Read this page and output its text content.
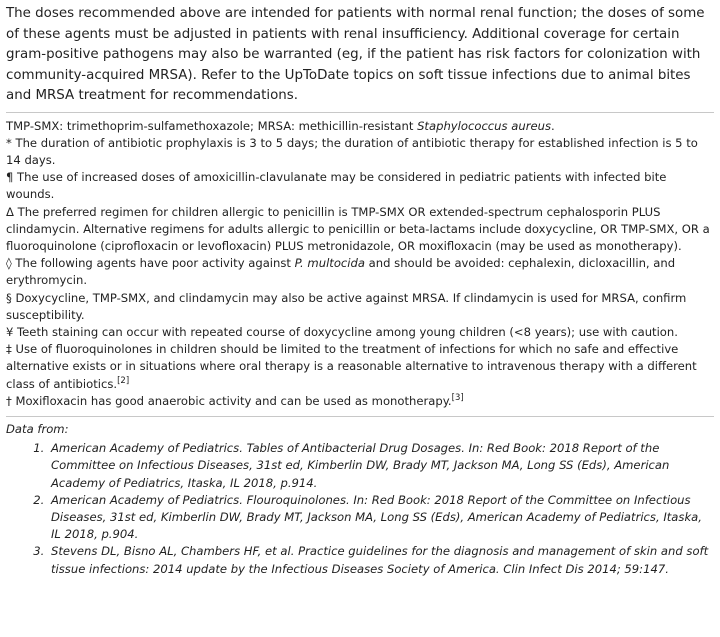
The doses recommended above are intended for patients with normal renal function; the doses of some of these agents must be adjusted in patients with renal insufficiency. Additional coverage for certain gram-positive pathogens may also be warranted (eg, if the patient has risk factors for colonization with community-acquired MRSA). Refer to the UpToDate topics on soft tissue infections due to animal bites and MRSA treatment for recommendations.

TMP-SMX: trimethoprim-sulfamethoxazole; MRSA: methicillin-resistant Staphylococcus aureus.

* The duration of antibiotic prophylaxis is 3 to 5 days; the duration of antibiotic therapy for established infection is 5 to 14 days.

¶ The use of increased doses of amoxicillin-clavulanate may be considered in pediatric patients with infected bite wounds.

Δ The preferred regimen for children allergic to penicillin is TMP-SMX OR extended-spectrum cephalosporin PLUS clindamycin. Alternative regimens for adults allergic to penicillin or beta-lactams include doxycycline, OR TMP-SMX, OR a fluoroquinolone (ciprofloxacin or levofloxacin) PLUS metronidazole, OR moxifloxacin (may be used as monotherapy).

◊ The following agents have poor activity against P. multocida and should be avoided: cephalexin, dicloxacillin, and erythromycin.

§ Doxycycline, TMP-SMX, and clindamycin may also be active against MRSA. If clindamycin is used for MRSA, confirm susceptibility.

¥ Teeth staining can occur with repeated course of doxycycline among young children (<8 years); use with caution.

‡ Use of fluoroquinolones in children should be limited to the treatment of infections for which no safe and effective alternative exists or in situations where oral therapy is a reasonable alternative to intravenous therapy with a different class of antibiotics.[2]

† Moxifloxacin has good anaerobic activity and can be used as monotherapy.[3]

Data from:
1. American Academy of Pediatrics. Tables of Antibacterial Drug Dosages. In: Red Book: 2018 Report of the Committee on Infectious Diseases, 31st ed, Kimberlin DW, Brady MT, Jackson MA, Long SS (Eds), American Academy of Pediatrics, Itaska, IL 2018, p.914.
2. American Academy of Pediatrics. Flouroquinolones. In: Red Book: 2018 Report of the Committee on Infectious Diseases, 31st ed, Kimberlin DW, Brady MT, Jackson MA, Long SS (Eds), American Academy of Pediatrics, Itaska, IL 2018, p.904.
3. Stevens DL, Bisno AL, Chambers HF, et al. Practice guidelines for the diagnosis and management of skin and soft tissue infections: 2014 update by the Infectious Diseases Society of America. Clin Infect Dis 2014; 59:147.
